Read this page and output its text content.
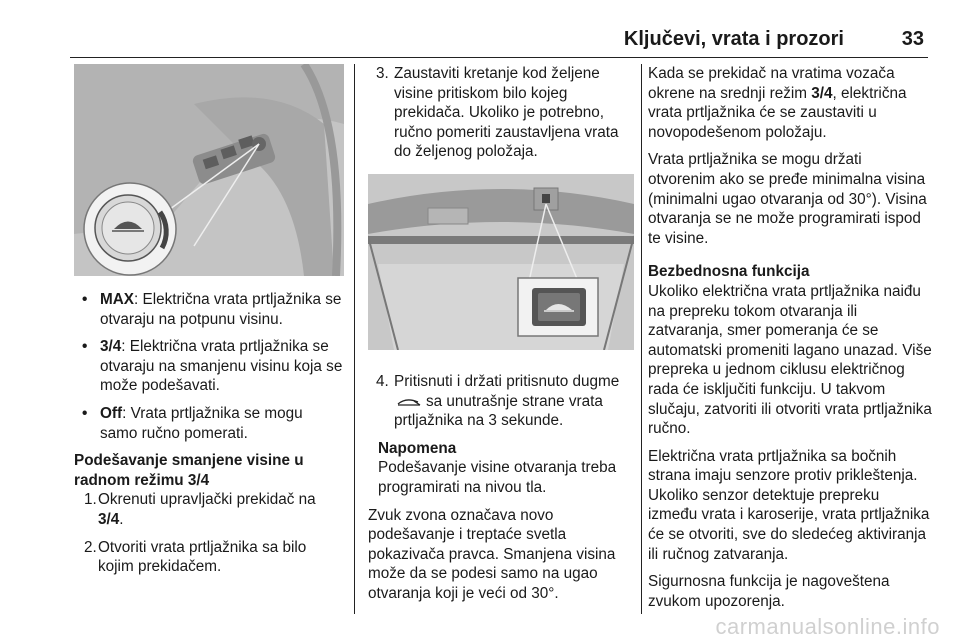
Ključevi, vrata i prozori	33
• MAX: Električna vrata prtljažnika se otvaraju na potpunu visinu.
• 3/4: Električna vrata prtljažnika se otvaraju na smanjenu visinu koja se može podešavati.
• Off: Vrata prtljažnika se mogu samo ručno pomerati.
Podešavanje smanjene visine u radnom režimu 3/4
1. Okrenuti upravljački prekidač na 3/4.
2. Otvoriti vrata prtljažnika sa bilo kojim prekidačem.
3. Zaustaviti kretanje kod željene visine pritiskom bilo kojeg prekidača. Ukoliko je potrebno, ručno pomeriti zaustavljena vrata do željenog položaja.
4. Pritisnuti i držati pritisnuto dugme
sa unutrašnje strane vrata prtljažnika na 3 sekunde.
Napomena
Podešavanje visine otvaranja treba programirati na nivou tla.

Zvuk zvona označava novo podešavanje i treptaće svetla pokazivača pravca. Smanjena visina može da se podesi samo na ugao otvaranja koji je veći od 30°.

Kada se prekidač na vratima vozača okrene na srednji režim 3/4, električna vrata prtljažnika će se zaustaviti u novopodešenom položaju.

Vrata prtljažnika se mogu držati otvorenim ako se pređe minimalna visina (minimalni ugao otvaranja od 30°). Visina otvaranja se ne može programirati ispod te visine.

Bezbednosna funkcija

Ukoliko električna vrata prtljažnika naiđu na prepreku tokom otvaranja ili zatvaranja, smer pomeranja će se automatski promeniti lagano unazad. Više prepreka u jednom ciklusu električnog rada će isključiti funkciju. U takvom slučaju, zatvoriti ili otvoriti vrata prtljažnika ručno.

Električna vrata prtljažnika sa bočnih strana imaju senzore protiv prikleštenja. Ukoliko senzor detektuje prepreku između vrata i karoserije, vrata prtljažnika će se otvoriti, sve do sledećeg aktiviranja ili ručnog zatvaranja.

Sigurnosna funkcija je nagoveštena zvukom upozorenja.

carmanualsonline.info
